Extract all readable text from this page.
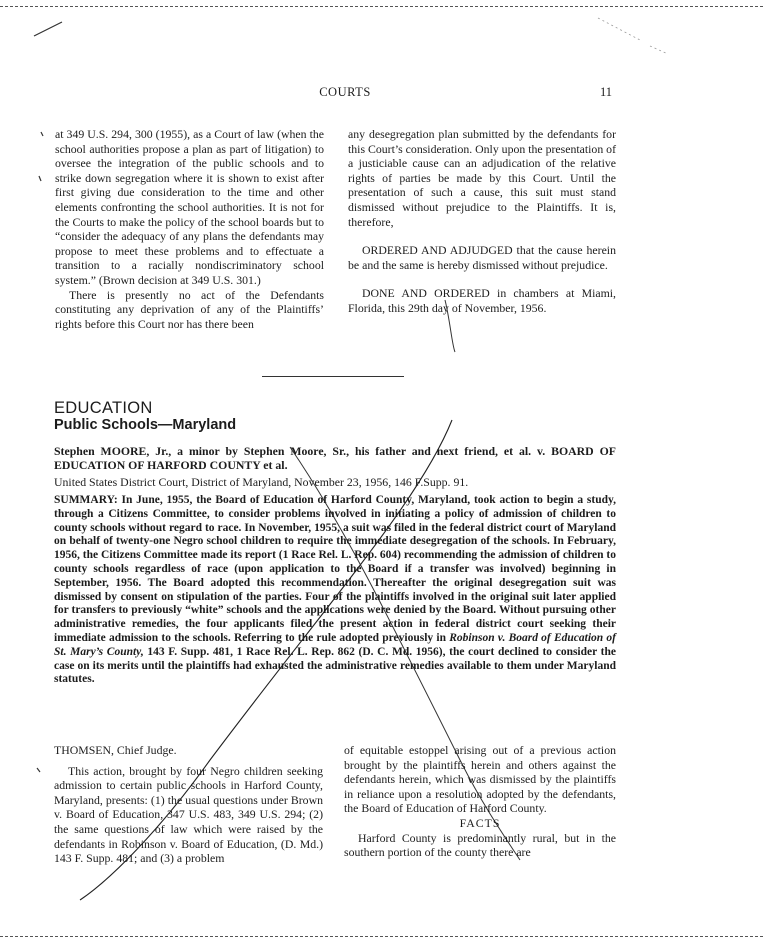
COURTS	11

at 349 U.S. 294, 300 (1955), as a Court of law (when the school authorities propose a plan as part of litigation) to oversee the integration of the public schools and to strike down segregation where it is shown to exist after first giving due consideration to the time and other elements confronting the school authorities. It is not for the Courts to make the policy of the school boards but to “consider the adequacy of any plans the defendants may propose to meet these problems and to effectuate a transition to a racially nondiscriminatory school system.” (Brown decision at 349 U.S. 301.)

There is presently no act of the Defendants constituting any deprivation of any of the Plaintiffs’ rights before this Court nor has there been

any desegregation plan submitted by the defendants for this Court’s consideration. Only upon the presentation of a justiciable cause can an adjudication of the relative rights of parties be made by this Court. Until the presentation of such a cause, this suit must stand dismissed without prejudice to the Plaintiffs. It is, therefore,

ORDERED AND ADJUDGED that the cause herein be and the same is hereby dismissed without prejudice.

DONE AND ORDERED in chambers at Miami, Florida, this 29th day of November, 1956.

EDUCATION
Public Schools—Maryland
Stephen MOORE, Jr., a minor by Stephen Moore, Sr., his father and next friend, et al. v. BOARD OF EDUCATION OF HARFORD COUNTY et al.
United States District Court, District of Maryland, November 23, 1956, 146 F.Supp. 91.
SUMMARY: In June, 1955, the Board of Education of Harford County, Maryland, took action to begin a study, through a Citizens Committee, to consider problems involved in initiating a policy of admission of children to county schools without regard to race. In November, 1955, a suit was filed in the federal district court of Maryland on behalf of twenty-one Negro school children to require the immediate desegregation of the schools. In February, 1956, the Citizens Committee made its report (1 Race Rel. L. Rep. 604) recommending the admission of children to county schools regardless of race (upon application to the Board if a transfer was involved) beginning in September, 1956. The Board adopted this recommendation. Thereafter the original desegregation suit was dismissed by consent on stipulation of the parties. Four of the plaintiffs involved in the original suit later applied for transfers to previously “white” schools and the applications were denied by the Board. Without pursuing other administrative remedies, the four applicants filed the present action in federal district court seeking their immediate admission to the schools. Referring to the rule adopted previously in Robinson v. Board of Education of St. Mary’s County, 143 F. Supp. 481, 1 Race Rel. L. Rep. 862 (D. C. Md. 1956), the court declined to consider the case on its merits until the plaintiffs had exhausted the administrative remedies available to them under Maryland statutes.

THOMSEN, Chief Judge.

This action, brought by four Negro children seeking admission to certain public schools in Harford County, Maryland, presents: (1) the usual questions under Brown v. Board of Education, 347 U.S. 483, 349 U.S. 294; (2) the same questions of law which were raised by the defendants in Robinson v. Board of Education, (D. Md.) 143 F. Supp. 481; and (3) a problem

of equitable estoppel arising out of a previous action brought by the plaintiffs herein and others against the defendants herein, which was dismissed by the plaintiffs in reliance upon a resolution adopted by the defendants, the Board of Education of Harford County.

FACTS

Harford County is predominantly rural, but in the southern portion of the county there are
